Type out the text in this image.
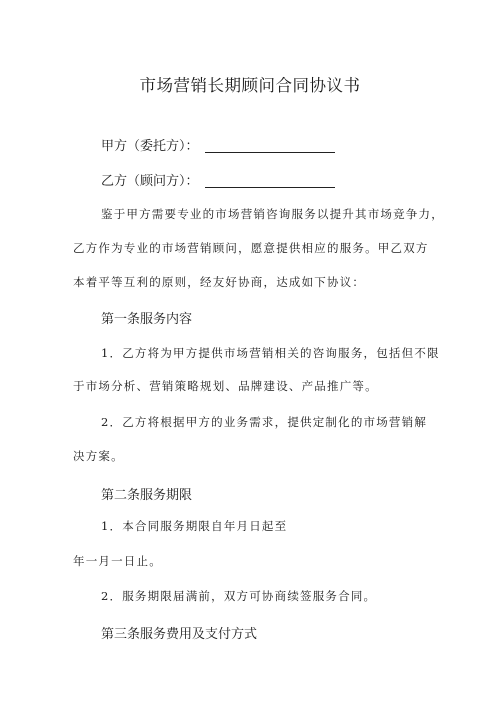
市场营销长期顾问合同协议书
甲方（委托方）：
乙方（顾问方）：
鉴于甲方需要专业的市场营销咨询服务以提升其市场竞争力，
乙方作为专业的市场营销顾问，愿意提供相应的服务。甲乙双方
本着平等互利的原则，经友好协商，达成如下协议：
第一条服务内容
1．乙方将为甲方提供市场营销相关的咨询服务，包括但不限
于市场分析、营销策略规划、品牌建设、产品推广等。
2．乙方将根据甲方的业务需求，提供定制化的市场营销解
决方案。
第二条服务期限
1．本合同服务期限自年月日起至
年一月一日止。
2．服务期限届满前，双方可协商续签服务合同。
第三条服务费用及支付方式
